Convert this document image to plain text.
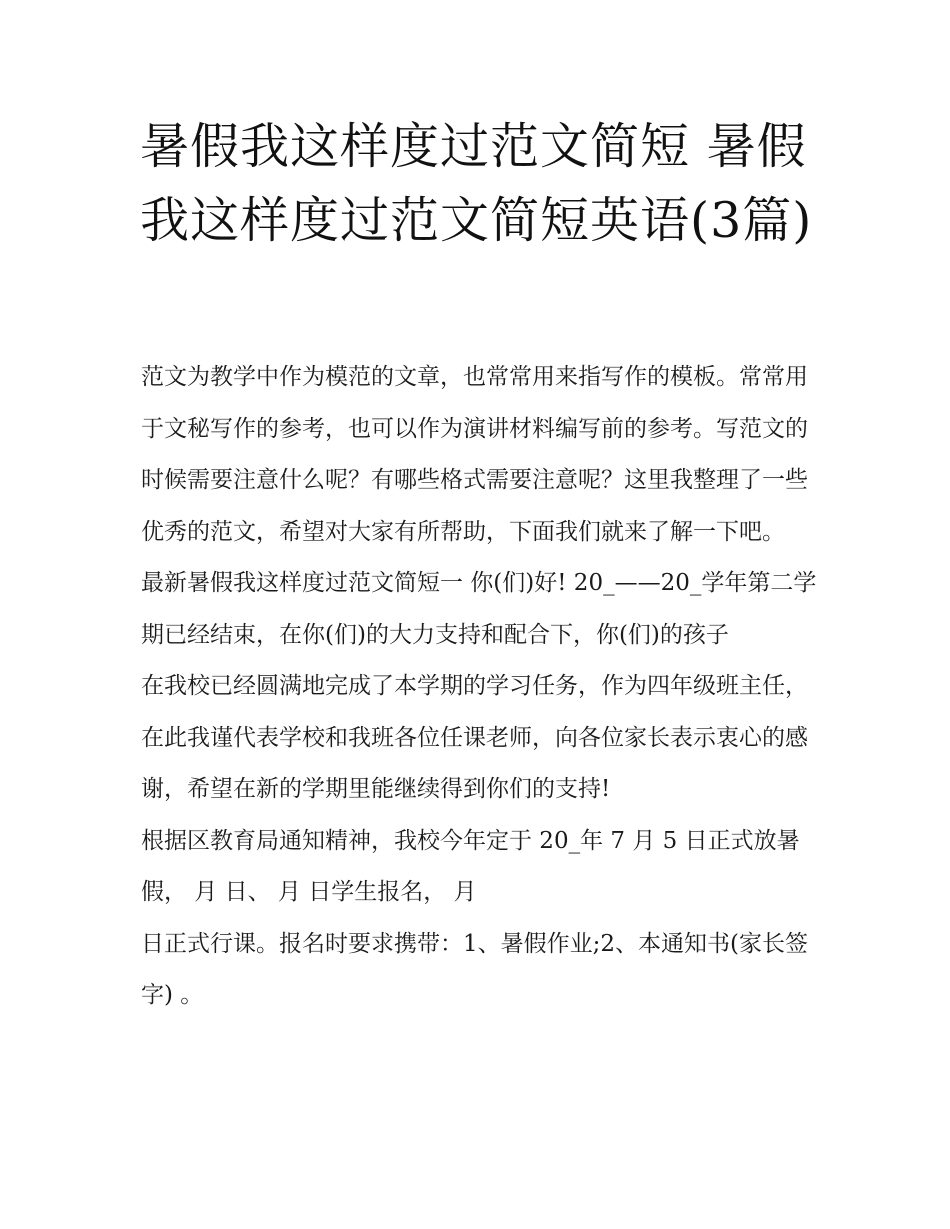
暑假我这样度过范文简短 暑假我这样度过范文简短英语(3篇)

范文为教学中作为模范的文章，也常常用来指写作的模板。常常用于文秘写作的参考，也可以作为演讲材料编写前的参考。写范文的时候需要注意什么呢？有哪些格式需要注意呢？这里我整理了一些优秀的范文，希望对大家有所帮助，下面我们就来了解一下吧。

最新暑假我这样度过范文简短一 你(们)好! 20_——20_学年第二学期已经结束，在你(们)的大力支持和配合下，你(们)的孩子

在我校已经圆满地完成了本学期的学习任务，作为四年级班主任，在此我谨代表学校和我班各位任课老师，向各位家长表示衷心的感谢，希望在新的学期里能继续得到你们的支持!

根据区教育局通知精神，我校今年定于 20_年 7 月 5 日正式放暑假， 月 日、 月 日学生报名， 月

日正式行课。报名时要求携带：1、暑假作业;2、本通知书(家长签字) 。
